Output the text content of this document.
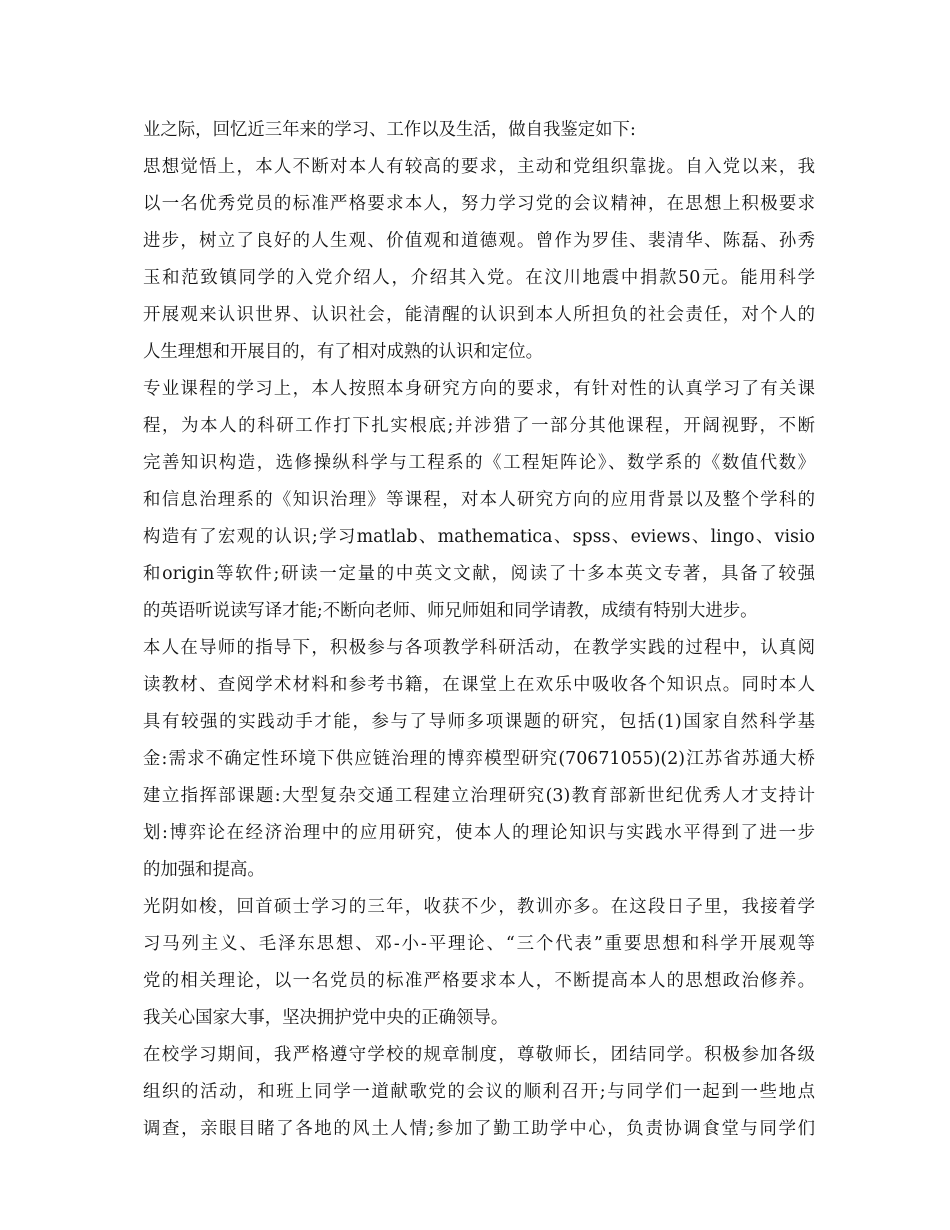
业之际，回忆近三年来的学习、工作以及生活，做自我鉴定如下:
思想觉悟上，本人不断对本人有较高的要求，主动和党组织靠拢。自入党以来，我
以一名优秀党员的标准严格要求本人，努力学习党的会议精神，在思想上积极要求
进步，树立了良好的人生观、价值观和道德观。曾作为罗佳、裴清华、陈磊、孙秀
玉和范致镇同学的入党介绍人，介绍其入党。在汶川地震中捐款50元。能用科学
开展观来认识世界、认识社会，能清醒的认识到本人所担负的社会责任，对个人的
人生理想和开展目的，有了相对成熟的认识和定位。
专业课程的学习上，本人按照本身研究方向的要求，有针对性的认真学习了有关课
程，为本人的科研工作打下扎实根底;并涉猎了一部分其他课程，开阔视野，不断
完善知识构造，选修操纵科学与工程系的《工程矩阵论》、数学系的《数值代数》
和信息治理系的《知识治理》等课程，对本人研究方向的应用背景以及整个学科的
构造有了宏观的认识;学习matlab、mathematica、spss、eviews、lingo、visio
和origin等软件;研读一定量的中英文文献，阅读了十多本英文专著，具备了较强
的英语听说读写译才能;不断向老师、师兄师姐和同学请教，成绩有特别大进步。
本人在导师的指导下，积极参与各项教学科研活动，在教学实践的过程中，认真阅
读教材、查阅学术材料和参考书籍，在课堂上在欢乐中吸收各个知识点。同时本人
具有较强的实践动手才能，参与了导师多项课题的研究，包括(1)国家自然科学基
金:需求不确定性环境下供应链治理的博弈模型研究(70671055)(2)江苏省苏通大桥
建立指挥部课题:大型复杂交通工程建立治理研究(3)教育部新世纪优秀人才支持计
划:博弈论在经济治理中的应用研究，使本人的理论知识与实践水平得到了进一步
的加强和提高。
光阴如梭，回首硕士学习的三年，收获不少，教训亦多。在这段日子里，我接着学
习马列主义、毛泽东思想、邓-小-平理论、“三个代表”重要思想和科学开展观等
党的相关理论，以一名党员的标准严格要求本人，不断提高本人的思想政治修养。
我关心国家大事，坚决拥护党中央的正确领导。
在校学习期间，我严格遵守学校的规章制度，尊敬师长，团结同学。积极参加各级
组织的活动，和班上同学一道献歌党的会议的顺利召开;与同学们一起到一些地点
调查，亲眼目睹了各地的风土人情;参加了勤工助学中心，负责协调食堂与同学们
